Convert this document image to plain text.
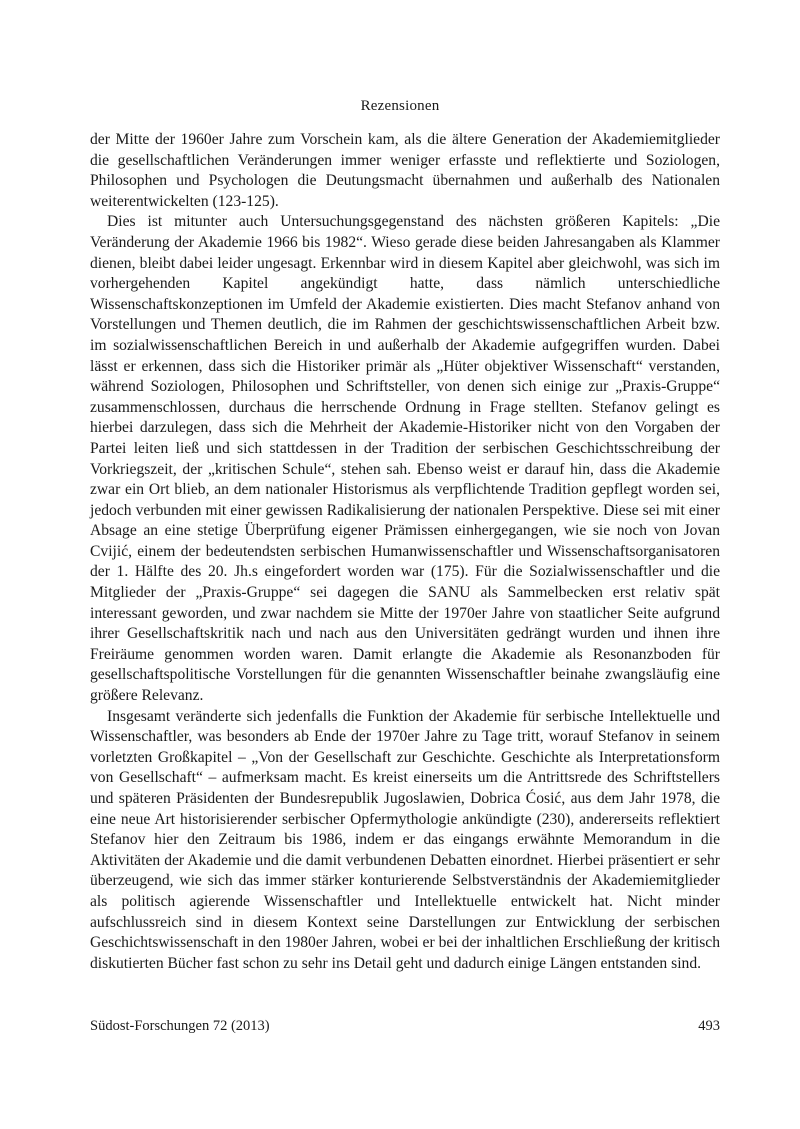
Rezensionen

der Mitte der 1960er Jahre zum Vorschein kam, als die ältere Generation der Akademiemitglieder die gesellschaftlichen Veränderungen immer weniger erfasste und reflektierte und Soziologen, Philosophen und Psychologen die Deutungsmacht übernahmen und außerhalb des Nationalen weiterentwickelten (123-125).

Dies ist mitunter auch Untersuchungsgegenstand des nächsten größeren Kapitels: „Die Veränderung der Akademie 1966 bis 1982“. Wieso gerade diese beiden Jahresangaben als Klammer dienen, bleibt dabei leider ungesagt. Erkennbar wird in diesem Kapitel aber gleichwohl, was sich im vorhergehenden Kapitel angekündigt hatte, dass nämlich unterschiedliche Wissenschaftskonzeptionen im Umfeld der Akademie existierten. Dies macht Stefanov anhand von Vorstellungen und Themen deutlich, die im Rahmen der geschichtswissenschaftlichen Arbeit bzw. im sozialwissenschaftlichen Bereich in und außerhalb der Akademie aufgegriffen wurden. Dabei lässt er erkennen, dass sich die Historiker primär als „Hüter objektiver Wissenschaft“ verstanden, während Soziologen, Philosophen und Schriftsteller, von denen sich einige zur „Praxis-Gruppe“ zusammenschlossen, durchaus die herrschende Ordnung in Frage stellten. Stefanov gelingt es hierbei darzulegen, dass sich die Mehrheit der Akademie-Historiker nicht von den Vorgaben der Partei leiten ließ und sich stattdessen in der Tradition der serbischen Geschichtsschreibung der Vorkriegszeit, der „kritischen Schule“, stehen sah. Ebenso weist er darauf hin, dass die Akademie zwar ein Ort blieb, an dem nationaler Historismus als verpflichtende Tradition gepflegt worden sei, jedoch verbunden mit einer gewissen Radikalisierung der nationalen Perspektive. Diese sei mit einer Absage an eine stetige Überprüfung eigener Prämissen einhergegangen, wie sie noch von Jovan Cvijić, einem der bedeutendsten serbischen Humanwissenschaftler und Wissenschaftsorganisatoren der 1. Hälfte des 20. Jh.s eingefordert worden war (175). Für die Sozialwissenschaftler und die Mitglieder der „Praxis-Gruppe“ sei dagegen die SANU als Sammelbecken erst relativ spät interessant geworden, und zwar nachdem sie Mitte der 1970er Jahre von staatlicher Seite aufgrund ihrer Gesellschaftskritik nach und nach aus den Universitäten gedrängt wurden und ihnen ihre Freiräume genommen worden waren. Damit erlangte die Akademie als Resonanzboden für gesellschaftspolitische Vorstellungen für die genannten Wissenschaftler beinahe zwangsläufig eine größere Relevanz.

Insgesamt veränderte sich jedenfalls die Funktion der Akademie für serbische Intellektuelle und Wissenschaftler, was besonders ab Ende der 1970er Jahre zu Tage tritt, worauf Stefanov in seinem vorletzten Großkapitel – „Von der Gesellschaft zur Geschichte. Geschichte als Interpretationsform von Gesellschaft“ – aufmerksam macht. Es kreist einerseits um die Antrittsrede des Schriftstellers und späteren Präsidenten der Bundesrepublik Jugoslawien, Dobrica Ćosić, aus dem Jahr 1978, die eine neue Art historisierender serbischer Opfermythologie ankündigte (230), andererseits reflektiert Stefanov hier den Zeitraum bis 1986, indem er das eingangs erwähnte Memorandum in die Aktivitäten der Akademie und die damit verbundenen Debatten einordnet. Hierbei präsentiert er sehr überzeugend, wie sich das immer stärker konturierende Selbstverständnis der Akademiemitglieder als politisch agierende Wissenschaftler und Intellektuelle entwickelt hat. Nicht minder aufschlussreich sind in diesem Kontext seine Darstellungen zur Entwicklung der serbischen Geschichtswissenschaft in den 1980er Jahren, wobei er bei der inhaltlichen Erschließung der kritisch diskutierten Bücher fast schon zu sehr ins Detail geht und dadurch einige Längen entstanden sind.

Südost-Forschungen 72 (2013)	493
